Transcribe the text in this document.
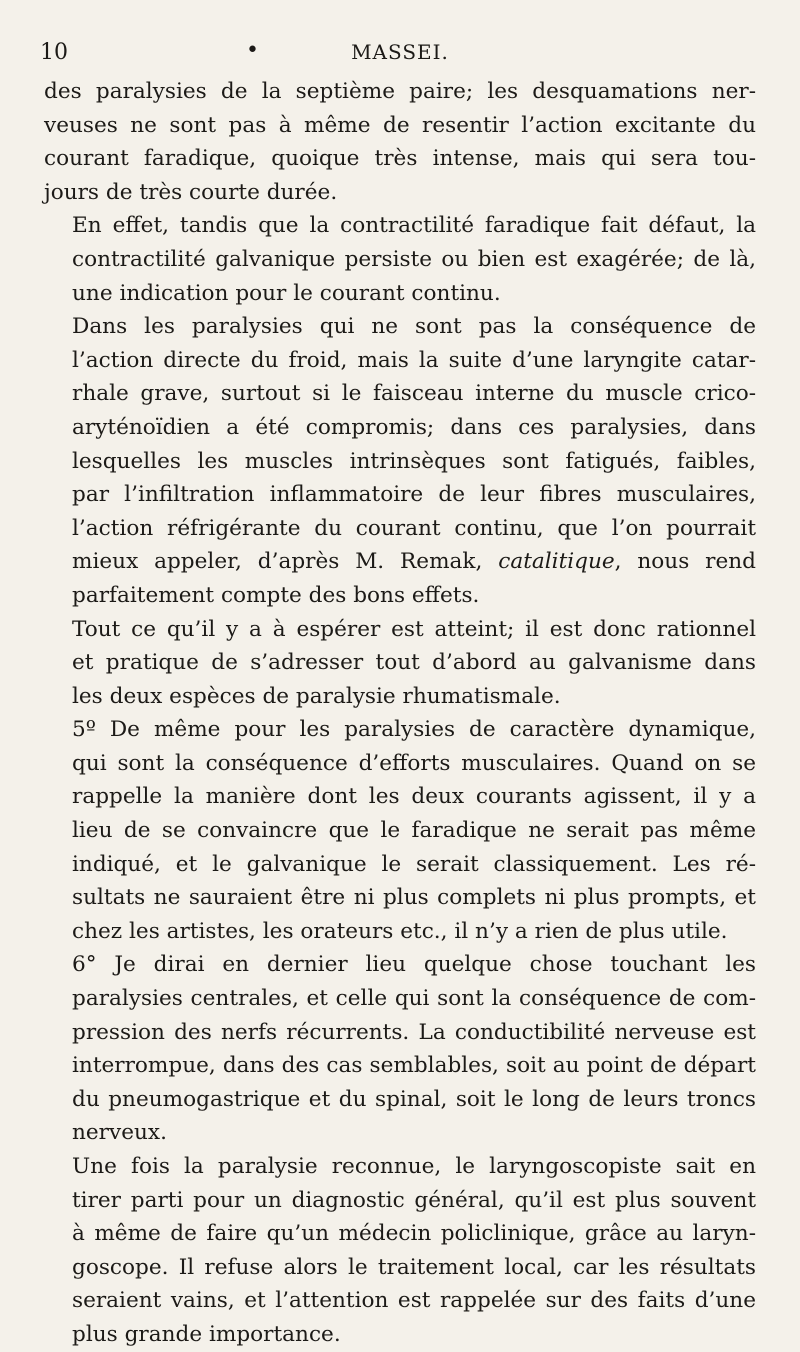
10	•	MASSEI.

des paralysies de la septième paire; les desquamations ner-
veuses ne sont pas à même de resentir l’action excitante du
courant faradique, quoique très intense, mais qui sera tou-
jours de très courte durée.

En effet, tandis que la contractilité faradique fait défaut, la
contractilité galvanique persiste ou bien est exagérée; de là,
une indication pour le courant continu.

Dans les paralysies qui ne sont pas la conséquence de
l’action directe du froid, mais la suite d’une laryngite catar-
rhale grave, surtout si le faisceau interne du muscle crico-
aryténoïdien a été compromis; dans ces paralysies, dans
lesquelles les muscles intrinsèques sont fatigués, faibles,
par l’infiltration inflammatoire de leur fibres musculaires,
l’action réfrigérante du courant continu, que l’on pourrait
mieux appeler, d’après M. Remak, catalitique, nous rend
parfaitement compte des bons effets.

Tout ce qu’il y a à espérer est atteint; il est donc rationnel
et pratique de s’adresser tout d’abord au galvanisme dans
les deux espèces de paralysie rhumatismale.

5º De même pour les paralysies de caractère dynamique,
qui sont la conséquence d’efforts musculaires. Quand on se
rappelle la manière dont les deux courants agissent, il y a
lieu de se convaincre que le faradique ne serait pas même
indiqué, et le galvanique le serait classiquement. Les ré-
sultats ne sauraient être ni plus complets ni plus prompts, et
chez les artistes, les orateurs etc., il n’y a rien de plus utile.

6° Je dirai en dernier lieu quelque chose touchant les
paralysies centrales, et celle qui sont la conséquence de com-
pression des nerfs récurrents. La conductibilité nerveuse est
interrompue, dans des cas semblables, soit au point de départ
du pneumogastrique et du spinal, soit le long de leurs troncs
nerveux.

Une fois la paralysie reconnue, le laryngoscopiste sait en
tirer parti pour un diagnostic général, qu’il est plus souvent
à même de faire qu’un médecin policlinique, grâce au laryn-
goscope. Il refuse alors le traitement local, car les résultats
seraient vains, et l’attention est rappelée sur des faits d’une
plus grande importance.
